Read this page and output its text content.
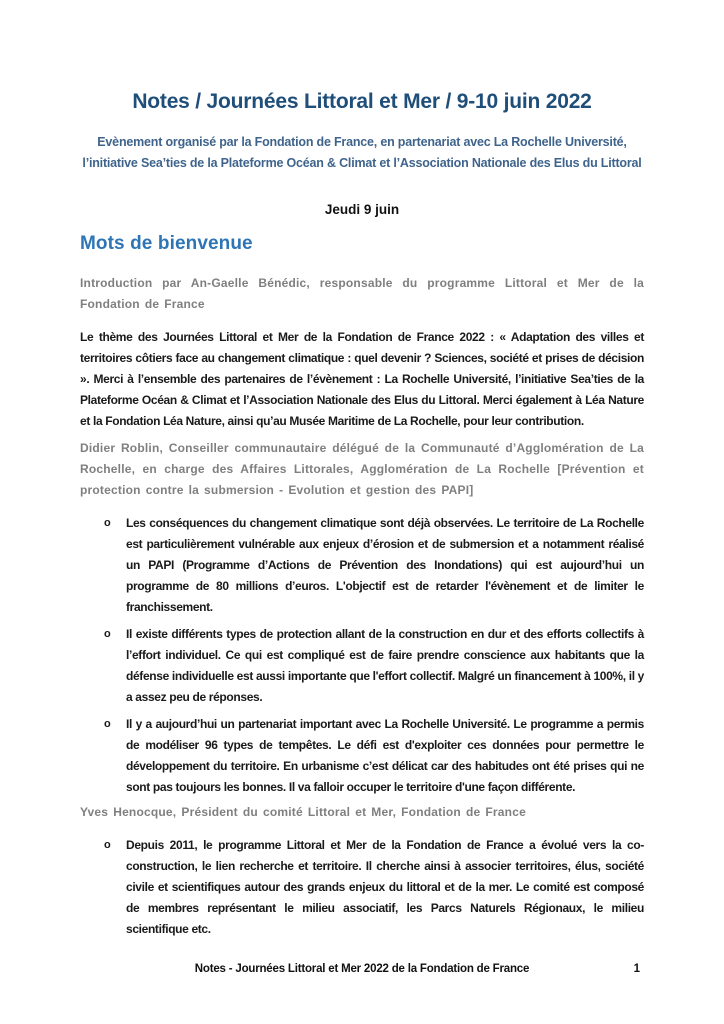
Notes / Journées Littoral et Mer / 9-10 juin 2022
Evènement organisé par la Fondation de France, en partenariat avec La Rochelle Université,
l’initiative Sea’ties de la Plateforme Océan & Climat et l’Association Nationale des Elus du Littoral
Jeudi 9 juin
Mots de bienvenue

Introduction par An-Gaelle Bénédic, responsable du programme Littoral et Mer de la Fondation de France

Le thème des Journées Littoral et Mer de la Fondation de France 2022 : « Adaptation des villes et territoires côtiers face au changement climatique : quel devenir ? Sciences, société et prises de décision ». Merci à l’ensemble des partenaires de l’évènement : La Rochelle Université, l’initiative Sea’ties de la Plateforme Océan & Climat et l’Association Nationale des Elus du Littoral. Merci également à Léa Nature et la Fondation Léa Nature, ainsi qu’au Musée Maritime de La Rochelle, pour leur contribution.

Didier Roblin, Conseiller communautaire délégué de la Communauté d’Agglomération de La Rochelle, en charge des Affaires Littorales, Agglomération de La Rochelle [Prévention et protection contre la submersion - Evolution et gestion des PAPI]

o Les conséquences du changement climatique sont déjà observées. Le territoire de La Rochelle est particulièrement vulnérable aux enjeux d’érosion et de submersion et a notamment réalisé un PAPI (Programme d’Actions de Prévention des Inondations) qui est aujourd’hui un programme de 80 millions d’euros. L'objectif est de retarder l'évènement et de limiter le franchissement.
o Il existe différents types de protection allant de la construction en dur et des efforts collectifs à l’effort individuel. Ce qui est compliqué est de faire prendre conscience aux habitants que la défense individuelle est aussi importante que l'effort collectif. Malgré un financement à 100%, il y a assez peu de réponses.
o Il y a aujourd’hui un partenariat important avec La Rochelle Université. Le programme a permis de modéliser 96 types de tempêtes. Le défi est d'exploiter ces données pour permettre le développement du territoire. En urbanisme c’est délicat car des habitudes ont été prises qui ne sont pas toujours les bonnes. Il va falloir occuper le territoire d'une façon différente.

Yves Henocque, Président du comité Littoral et Mer, Fondation de France

o Depuis 2011, le programme Littoral et Mer de la Fondation de France a évolué vers la co-construction, le lien recherche et territoire. Il cherche ainsi à associer territoires, élus, société civile et scientifiques autour des grands enjeux du littoral et de la mer. Le comité est composé de membres représentant le milieu associatif, les Parcs Naturels Régionaux, le milieu scientifique etc.
Notes - Journées Littoral et Mer 2022 de la Fondation de France	1
